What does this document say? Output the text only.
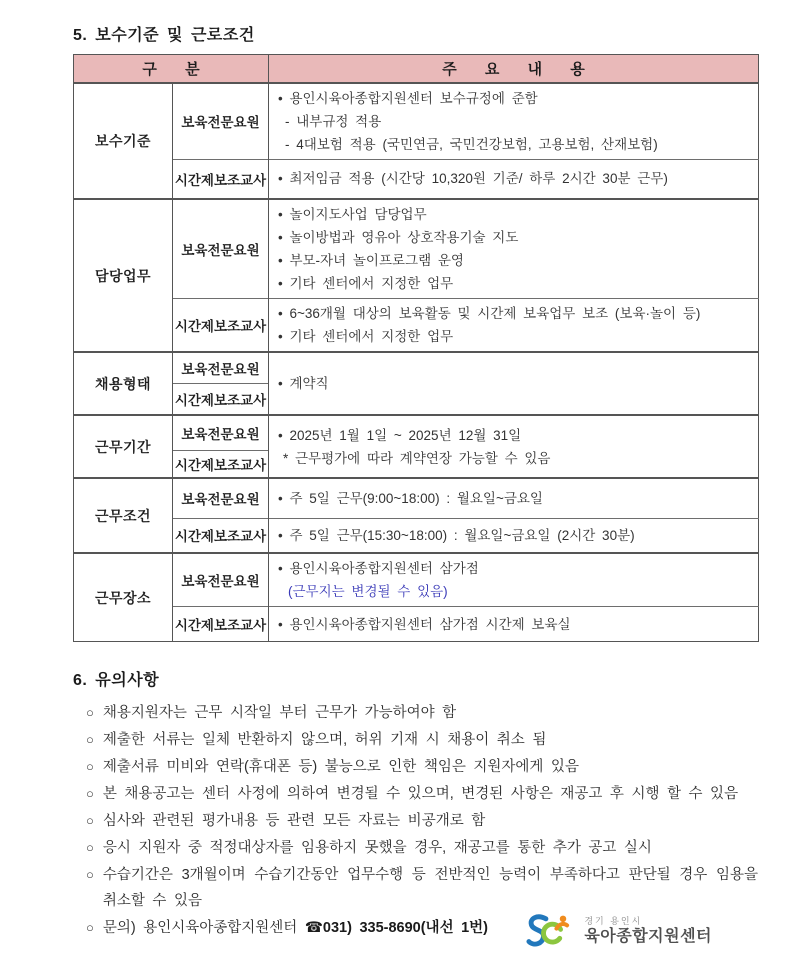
5. 보수기준 및 근로조건
구 분		주 요 내 용
보수기준	보육전문요원	• 용인시육아종합지원센터 보수규정에 준함
- 내부규정 적용
- 4대보험 적용 (국민연금, 국민건강보험, 고용보험, 산재보험)

	시간제보조교사	• 최저임금 적용 (시간당 10,320원 기준/ 하루 2시간 30분 근무)

담당업무	보육전문요원	• 놀이지도사업 담당업무
• 놀이방법과 영유아 상호작용기술 지도
• 부모-자녀 놀이프로그램 운영
• 기타 센터에서 지정한 업무

	시간제보조교사	• 6~36개월 대상의 보육활동 및 시간제 보육업무 보조 (보육·놀이 등)
• 기타 센터에서 지정한 업무

채용형태	보육전문요원	• 계약직

	시간제보조교사	
근무기간	보육전문요원	• 2025년 1월 1일 ~ 2025년 12월 31일
* 근무평가에 따라 계약연장 가능할 수 있음

	시간제보조교사	
근무조건	보육전문요원	• 주 5일 근무(9:00~18:00) : 월요일~금요일

	시간제보조교사	• 주 5일 근무(15:30~18:00) : 월요일~금요일 (2시간 30분)

근무장소	보육전문요원	• 용인시육아종합지원센터 삼가점
(근무지는 변경될 수 있음)

	시간제보조교사	• 용인시육아종합지원센터 삼가점 시간제 보육실
6. 유의사항
○ 채용지원자는 근무 시작일 부터 근무가 가능하여야 함
○ 제출한 서류는 일체 반환하지 않으며, 허위 기재 시 채용이 취소 됨
○ 제출서류 미비와 연락(휴대폰 등) 불능으로 인한 책임은 지원자에게 있음
○ 본 채용공고는 센터 사정에 의하여 변경될 수 있으며, 변경된 사항은 재공고 후 시행 할 수 있음
○ 심사와 관련된 평가내용 등 관련 모든 자료는 비공개로 함
○ 응시 지원자 중 적정대상자를 임용하지 못했을 경우, 재공고를 통한 추가 공고 실시
○ 수습기간은 3개월이며 수습기간동안 업무수행 등 전반적인 능력이 부족하다고 판단될 경우 임용을 취소할 수 있음
○ 문의) 용인시육아종합지원센터 ☎031) 335-8690(내선 1번)	경기 용인시
육아종합지원센터
